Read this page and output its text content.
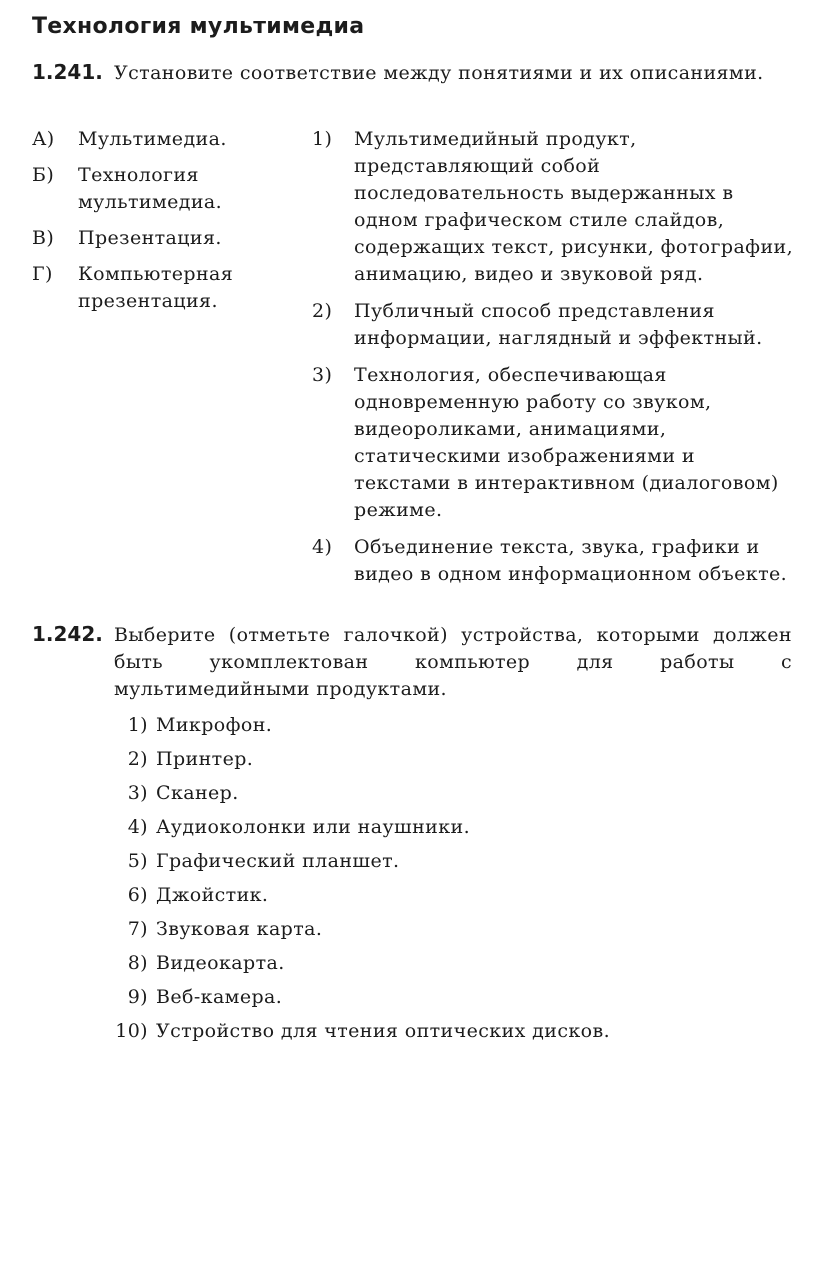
Технология мультимедиа
1.241. Установите соответствие между понятиями и их описаниями.
А) Мультимедиа.
Б) Технология мультимедиа.
В) Презентация.
Г) Компьютерная презентация.
1) Мультимедийный продукт, представляющий собой последовательность выдержанных в одном графическом стиле слайдов, содержащих текст, рисунки, фотографии, анимацию, видео и звуковой ряд.
2) Публичный способ представления информации, наглядный и эффектный.
3) Технология, обеспечивающая одновременную работу со звуком, видеороликами, анимациями, статическими изображениями и текстами в интерактивном (диалоговом) режиме.
4) Объединение текста, звука, графики и видео в одном информационном объекте.
1.242. Выберите (отметьте галочкой) устройства, которыми должен быть укомплектован компьютер для работы с мультимедийными продуктами.
1) Микрофон.
2) Принтер.
3) Сканер.
4) Аудиоколонки или наушники.
5) Графический планшет.
6) Джойстик.
7) Звуковая карта.
8) Видеокарта.
9) Веб-камера.
10) Устройство для чтения оптических дисков.
